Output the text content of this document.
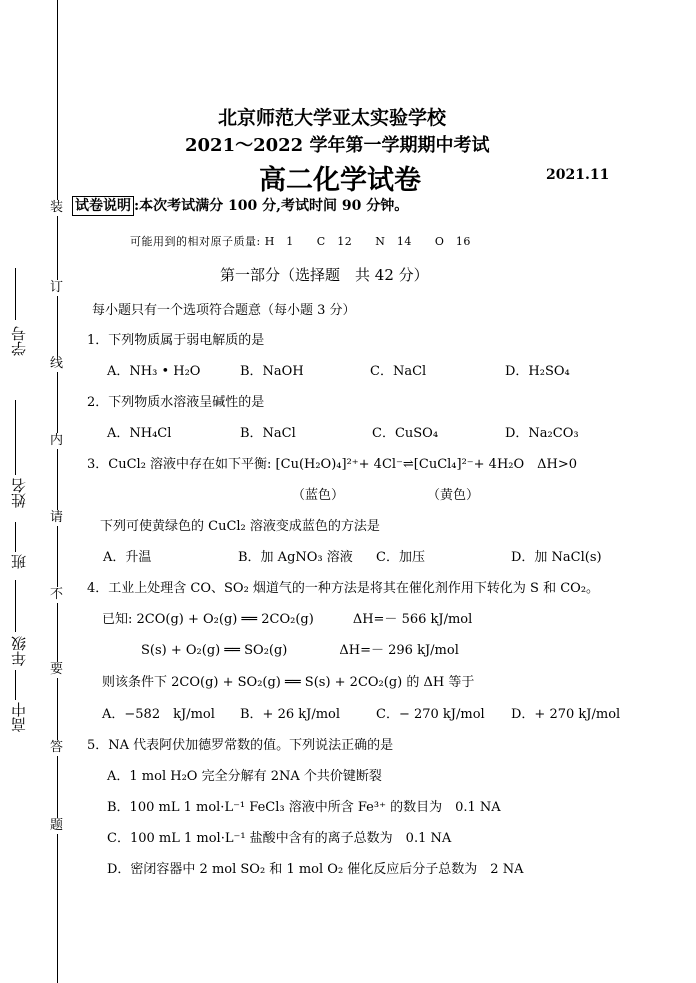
装
订
线
内
请
不
要
答
题
学号
姓名
班
年级
高中
北京师范大学亚太实验学校
2021～2022 学年第一学期期中考试
高二化学试卷	2021.11
试卷说明 :本次考试满分 100 分,考试时间 90 分钟。
可能用到的相对原子质量: H　1　　C　12　　N　14　　O　16
第一部分（选择题　共 42 分）
每小题只有一个选项符合题意（每小题 3 分）
1．下列物质属于弱电解质的是
A．NH₃ • H₂O	B．NaOH	C．NaCl	D．H₂SO₄
2．下列物质水溶液呈碱性的是
A．NH₄Cl	B．NaCl	C．CuSO₄	D．Na₂CO₃
3．CuCl₂ 溶液中存在如下平衡: [Cu(H₂O)₄]²⁺+ 4Cl⁻⇌[CuCl₄]²⁻+ 4H₂O　ΔH>0
（蓝色）	（黄色）
下列可使黄绿色的 CuCl₂ 溶液变成蓝色的方法是
A．升温	B．加 AgNO₃ 溶液 C．加压	D．加 NaCl(s)
4．工业上处理含 CO、SO₂ 烟道气的一种方法是将其在催化剂作用下转化为 S 和 CO₂。
已知: 2CO(g) + O₂(g) ══ 2CO₂(g)　　　ΔH=－ 566 kJ/mol
S(s) + O₂(g) ══ SO₂(g)　　　　ΔH=－ 296 kJ/mol
则该条件下 2CO(g) + SO₂(g) ══ S(s) + 2CO₂(g) 的 ΔH 等于
A．−582　kJ/mol B．+ 26 kJ/mol	C．− 270 kJ/mol D．+ 270 kJ/mol
5．NA 代表阿伏加德罗常数的值。下列说法正确的是
A．1 mol H₂O 完全分解有 2NA 个共价键断裂
B．100 mL 1 mol·L⁻¹ FeCl₃ 溶液中所含 Fe³⁺ 的数目为　0.1 NA
C．100 mL 1 mol·L⁻¹ 盐酸中含有的离子总数为　0.1 NA
D．密闭容器中 2 mol SO₂ 和 1 mol O₂ 催化反应后分子总数为　2 NA
